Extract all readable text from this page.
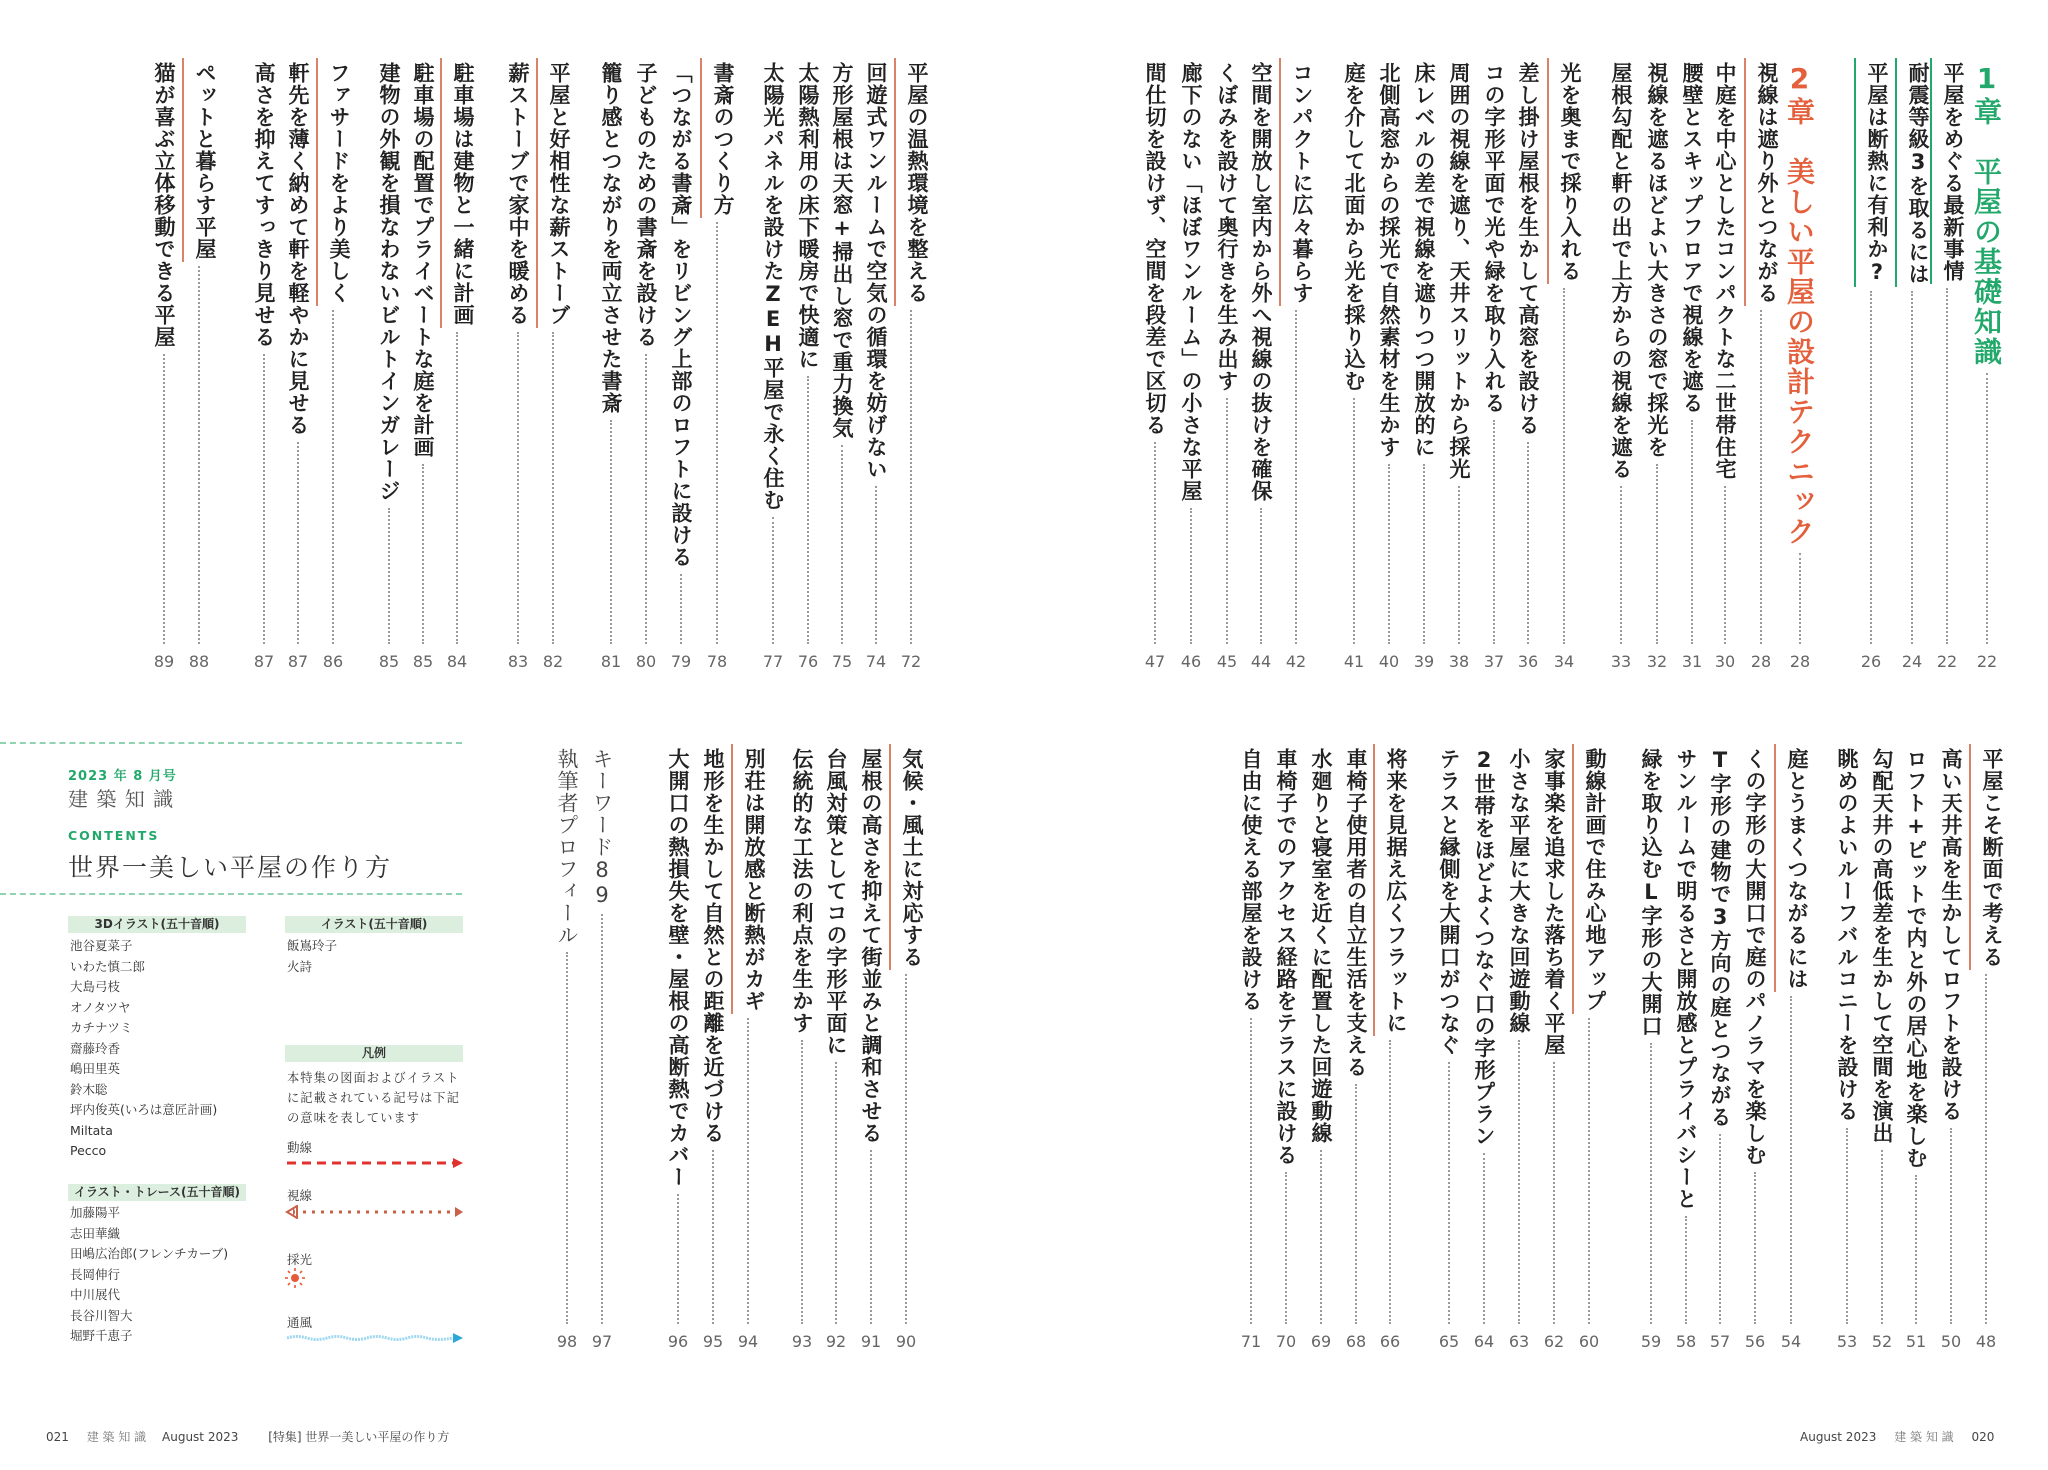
1章　平屋の基礎知識
22
平屋をめぐる最新事情
22
耐震等級3を取るには
24
平屋は断熱に有利か?
26
2章　美しい平屋の設計テクニック
28
視線は遮り外とつながる
28
中庭を中心としたコンパクトな二世帯住宅
30
腰壁とスキップフロアで視線を遮る
31
視線を遮るほどよい大きさの窓で採光を
32
屋根勾配と軒の出で上方からの視線を遮る
33
光を奥まで採り入れる
34
差し掛け屋根を生かして高窓を設ける
36
コの字形平面で光や緑を取り入れる
37
周囲の視線を遮り、天井スリットから採光
38
床レベルの差で視線を遮りつつ開放的に
39
北側高窓からの採光で自然素材を生かす
40
庭を介して北面から光を採り込む
41
コンパクトに広々暮らす
42
空間を開放し室内から外へ視線の抜けを確保
44
くぼみを設けて奥行きを生み出す
45
廊下のない「ほぼワンルーム」の小さな平屋
46
間仕切を設けず、空間を段差で区切る
47
平屋の温熱環境を整える
72
回遊式ワンルームで空気の循環を妨げない
74
方形屋根は天窓+掃出し窓で重力換気
75
太陽熱利用の床下暖房で快適に
76
太陽光パネルを設けたZEH平屋で永く住む
77
書斎のつくり方
78
「つながる書斎」をリビング上部のロフトに設ける
79
子どものための書斎を設ける
80
籠り感とつながりを両立させた書斎
81
平屋と好相性な薪ストーブ
82
薪ストーブで家中を暖める
83
駐車場は建物と一緒に計画
84
駐車場の配置でプライベートな庭を計画
85
建物の外観を損なわないビルトインガレージ
85
ファサードをより美しく
86
軒先を薄く納めて軒を軽やかに見せる
87
高さを抑えてすっきり見せる
87
ペットと暮らす平屋
88
猫が喜ぶ立体移動できる平屋
89
平屋こそ断面で考える
48
高い天井高を生かしてロフトを設ける
50
ロフト+ピットで内と外の居心地を楽しむ
51
勾配天井の高低差を生かして空間を演出
52
眺めのよいルーフバルコニーを設ける
53
庭とうまくつながるには
54
くの字形の大開口で庭のパノラマを楽しむ
56
T字形の建物で3方向の庭とつながる
57
サンルームで明るさと開放感とプライバシーと
58
緑を取り込むL字形の大開口
59
動線計画で住み心地アップ
60
家事楽を追求した落ち着く平屋
62
小さな平屋に大きな回遊動線
63
2世帯をほどよくつなぐ口の字形プラン
64
テラスと縁側を大開口がつなぐ
65
将来を見据え広くフラットに
66
車椅子使用者の自立生活を支える
68
水廻りと寝室を近くに配置した回遊動線
69
車椅子でのアクセス経路をテラスに設ける
70
自由に使える部屋を設ける
71
気候・風土に対応する
90
屋根の高さを抑えて街並みと調和させる
91
台風対策としてコの字形平面に
92
伝統的な工法の利点を生かす
93
別荘は開放感と断熱がカギ
94
地形を生かして自然との距離を近づける
95
大開口の熱損失を壁・屋根の高断熱でカバー
96
キーワード89
97
執筆者プロフィール
98
2023 年 8 月号
建 築 知 識
CONTENTS
世界一美しい平屋の作り方
3Dイラスト(五十音順)
池谷夏菜子
いわた慎二郎
大島弓枝
オノタツヤ
カチナツミ
齋藤玲香
嶋田里英
鈴木聡
坪内俊英(いろは意匠計画)
Miltata
Pecco
イラスト(五十音順)
飯嶌玲子
火詩
イラスト・トレース(五十音順)
加藤陽平
志田華織
田嶋広治郎(フレンチカーブ)
長岡伸行
中川展代
長谷川智大
堀野千恵子
凡例
本特集の図面およびイラストに記載されている記号は下記の意味を表しています
動線
視線
採光
通風
021 建 築 知 識 August 2023 [特集] 世界一美しい平屋の作り方	August 2023 建 築 知 識 020
